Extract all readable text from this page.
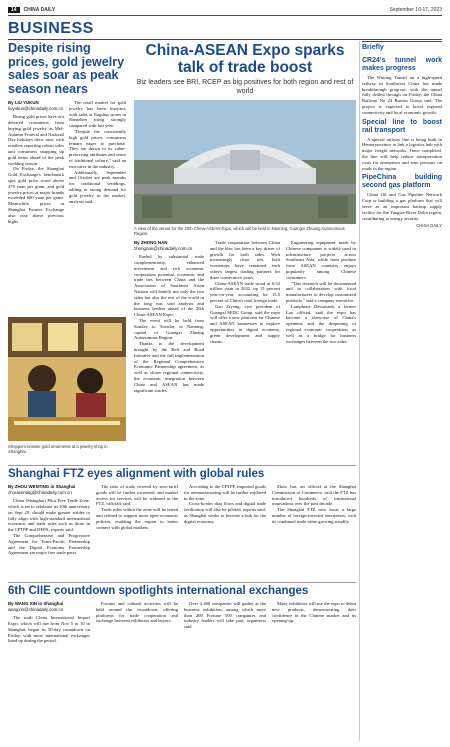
14	CHINA DAILY	September 16-17, 2023
BUSINESS
Despite rising prices, gold jewelry sales soar as peak season nears
By LIU YUKUN
liuyukun@chinadaily.com.cn

Rising gold prices have not deterred consumers from buying gold jewelry as Mid-Autumn Festival and National Day holidays draw near, with retailers reporting robust sales and consumers snapping up gold items ahead of the peak wedding season.

On Friday, the Shanghai Gold Exchange's benchmark spot gold price stood above 470 yuan per gram, and gold jewelry prices at major brands exceeded 600 yuan per gram. Meanwhile, prices at Shanghai Futures Exchange also rose above previous highs.

The retail market for gold jewelry has been buoyant, with sales at flagship stores in Shenzhen rising strongly compared with last year.

"Despite the consistently high gold prices, consumers remain eager to purchase. They are drawn to its value-preserving attributes and sense of traditional culture," said an executive in the industry.

Additionally, September and October are peak months for traditional weddings, adding to strong demand for gold jewelry in the market, analysts said.

Shoppers browse gold ornaments at a jewelry shop in Shanghai.
China-ASEAN Expo sparks talk of trade boost
Biz leaders see BRI, RCEP as big positives for both region and rest of world
A view of the venue for the 20th China-ASEAN Expo, which will be held in Nanning, Guangxi Zhuang Autonomous Region.
By ZHONG NAN
zhongnan@chinadaily.com.cn

Fueled by substantial trade complementarity, enhanced investment and rich economic cooperation potential, economic and trade ties between China and the Association of Southeast Asian Nations will benefit not only the two sides but also the rest of the world in the long run, said analysts and business leaders ahead of the 20th China-ASEAN Expo.

The event will be held from Sunday to Tuesday in Nanning, capital of Guangxi Zhuang Autonomous Region.

Thanks to the development brought by the Belt and Road Initiative and the full implementation of the Regional Comprehensive Economic Partnership agreement, as well as closer regional connectivity, the economic integration between China and ASEAN has made significant strides.

Trade cooperation between China and the bloc has been a key driver of growth for both sides. With increasingly close ties, both economies have remained each other's largest trading partners for three consecutive years.

China-ASEAN trade stood at 6.52 trillion yuan in 2022, up 15 percent year-on-year, accounting for 15.5 percent of China's total foreign trade.

Gao Ziyong, vice president of Guangxi SEDC Group, said the expo will offer a new platform for Chinese and ASEAN businesses to explore opportunities in digital economy, green development and supply chains.

Engineering equipment made by Chinese companies is widely used in infrastructure projects across Southeast Asia, while farm produce from ASEAN countries enjoys popularity among Chinese consumers.

"This research will be documented and in collaboration with local manufacturers to develop customized products," said a company executive.

Lamphone Dessavanh, a former Lao official, said the expo has become a showcase of China's openness and the deepening of regional economic cooperation, as well as a bridge for business exchanges between the two sides.

Briefly
CR24's tunnel work makes progress

The Wutong Tunnel on a high-speed railway in Southwest China has made breakthrough progress, with the tunnel fully drilled through on Friday, the China Railway No 24 Bureau Group said. The project is expected to boost regional connectivity and local economic growth.

Special line to boost rail transport

A special railway line is being built in Henan province to link a logistics hub with major freight networks. Once completed, the line will help reduce transportation costs for enterprises and ease pressure on roads in the region.

PipeChina building second gas platform

China Oil and Gas Pipeline Network Corp is building a gas platform that will serve as an important backup supply facility for the Yangtze River Delta region, contributing to energy security.

CHINA DAILY
Shanghai FTZ eyes alignment with global rules
By ZHOU WENTING in Shanghai
zhouwenting@chinadaily.com.cn

China (Shanghai) Pilot Free Trade Zone, which is set to celebrate its 10th anniversary on Sept 29, should make greater strides to fully align with high-standard international economic and trade rules such as those in the CPTPP and DEPA, experts said.

The Comprehensive and Progressive Agreement for Trans-Pacific Partnership and the Digital Economy Partnership Agreement are major free trade pacts.

The ratio of trade covered by zero-tariff goods will be further increased, and market access for services will be widened in the FTZ, officials said.

Trade rules within the zone will be tested and refined to support more open economic policies, enabling the region to better connect with global markets.

According to the CPTPP, imported goods for remanufacturing will be further explored in the zone.

Cross-border data flows and digital trade facilitation will also be piloted, experts said, as Shanghai works to become a hub for the digital economy.

Zhou Jun, an official at the Shanghai Commission of Commerce, said the FTZ has introduced hundreds of institutional innovations over the past decade.

The Shanghai FTZ now hosts a large number of foreign-invested enterprises, with its combined trade value growing steadily.

6th CIIE countdown spotlights international exchanges
By WANG XIN in Shanghai
wangxin@chinadaily.com.cn

The sixth China International Import Expo, which will run from Nov 5 to 10 in Shanghai, began its 50-day countdown on Friday, with more international exchanges lined up during the period.

Forums and cultural activities will be held around the countdown, offering platforms for trade cooperation and exchange between exhibitors and buyers.

Over 3,400 companies will gather at the business exhibition, among which more than 200 Fortune 500 companies and industry leaders will take part, organizers said.

Many exhibitors will use the expo to debut new products, demonstrating their confidence in the Chinese market and its opening-up.
